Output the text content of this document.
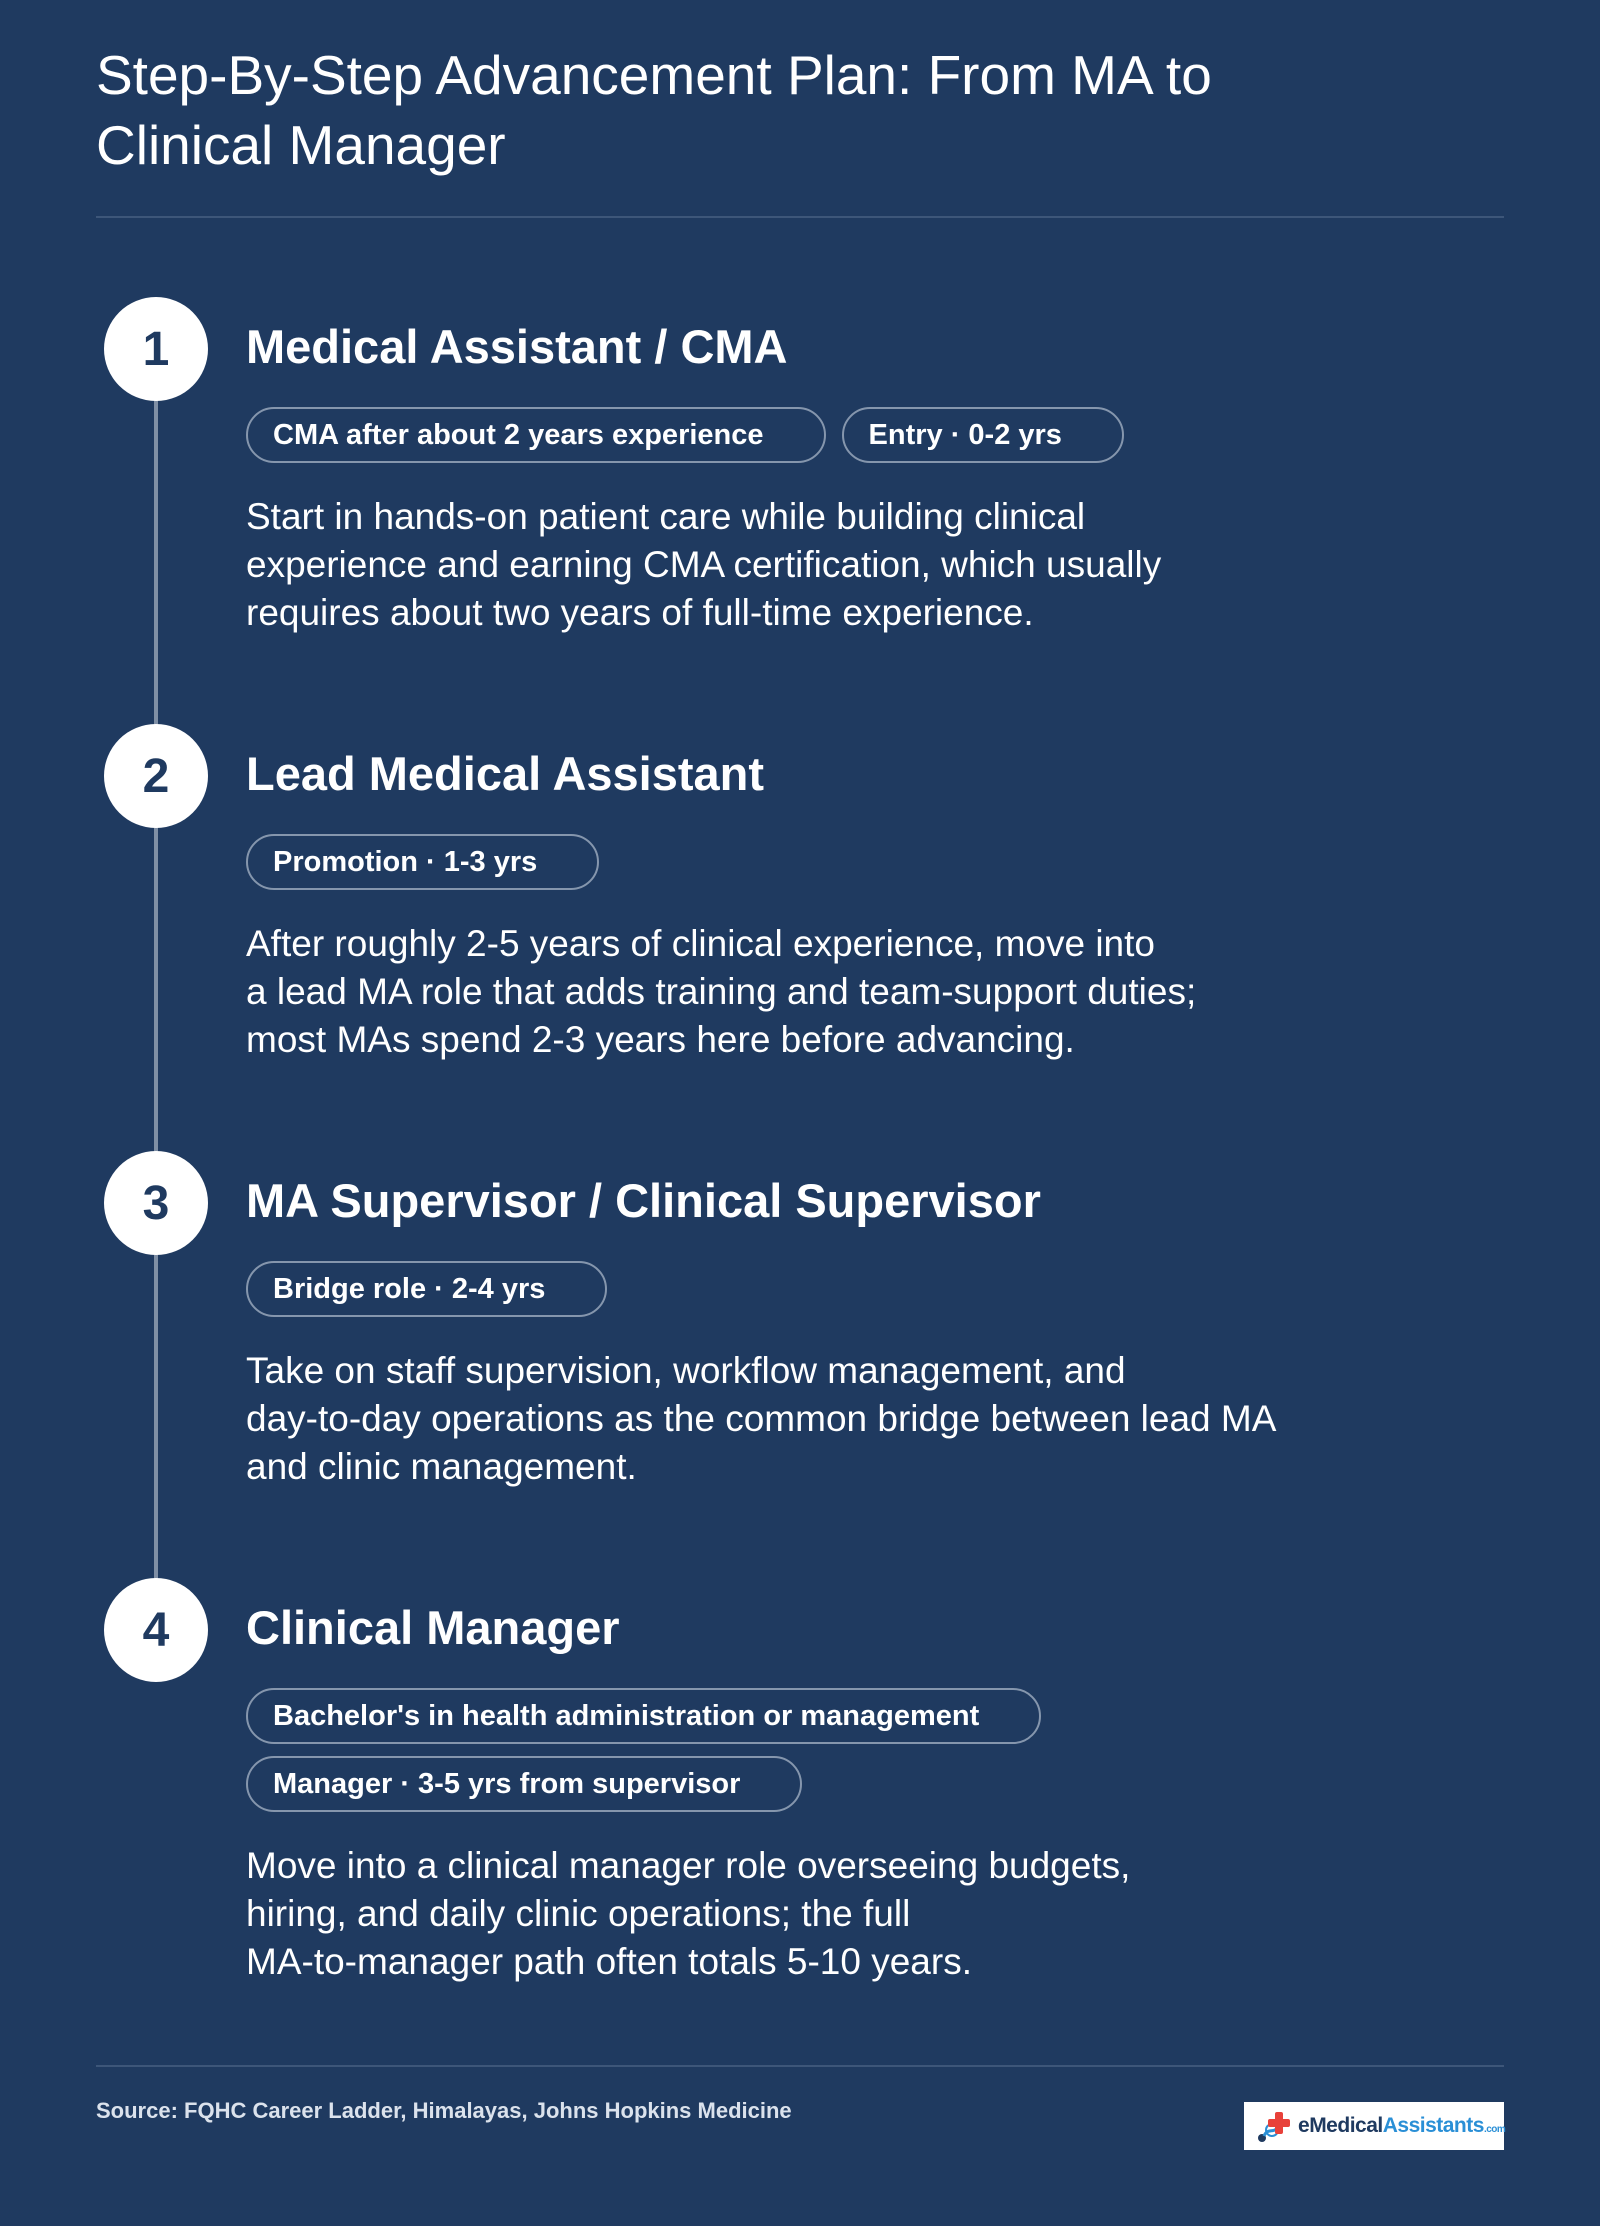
Step-By-Step Advancement Plan: From MA to
Clinical Manager
1	Medical Assistant / CMA
CMA after about 2 years experience	Entry · 0-2 yrs

Start in hands-on patient care while building clinical
experience and earning CMA certification, which usually
requires about two years of full-time experience.

2	Lead Medical Assistant
Promotion · 1-3 yrs

After roughly 2-5 years of clinical experience, move into
a lead MA role that adds training and team-support duties;
most MAs spend 2-3 years here before advancing.

3	MA Supervisor / Clinical Supervisor
Bridge role · 2-4 yrs

Take on staff supervision, workflow management, and
day-to-day operations as the common bridge between lead MA
and clinic management.

4	Clinical Manager
Bachelor's in health administration or management
Manager · 3-5 yrs from supervisor

Move into a clinical manager role overseeing budgets,
hiring, and daily clinic operations; the full
MA-to-manager path often totals 5-10 years.

Source: FQHC Career Ladder, Himalayas, Johns Hopkins Medicine
eMedicalAssistants.com
